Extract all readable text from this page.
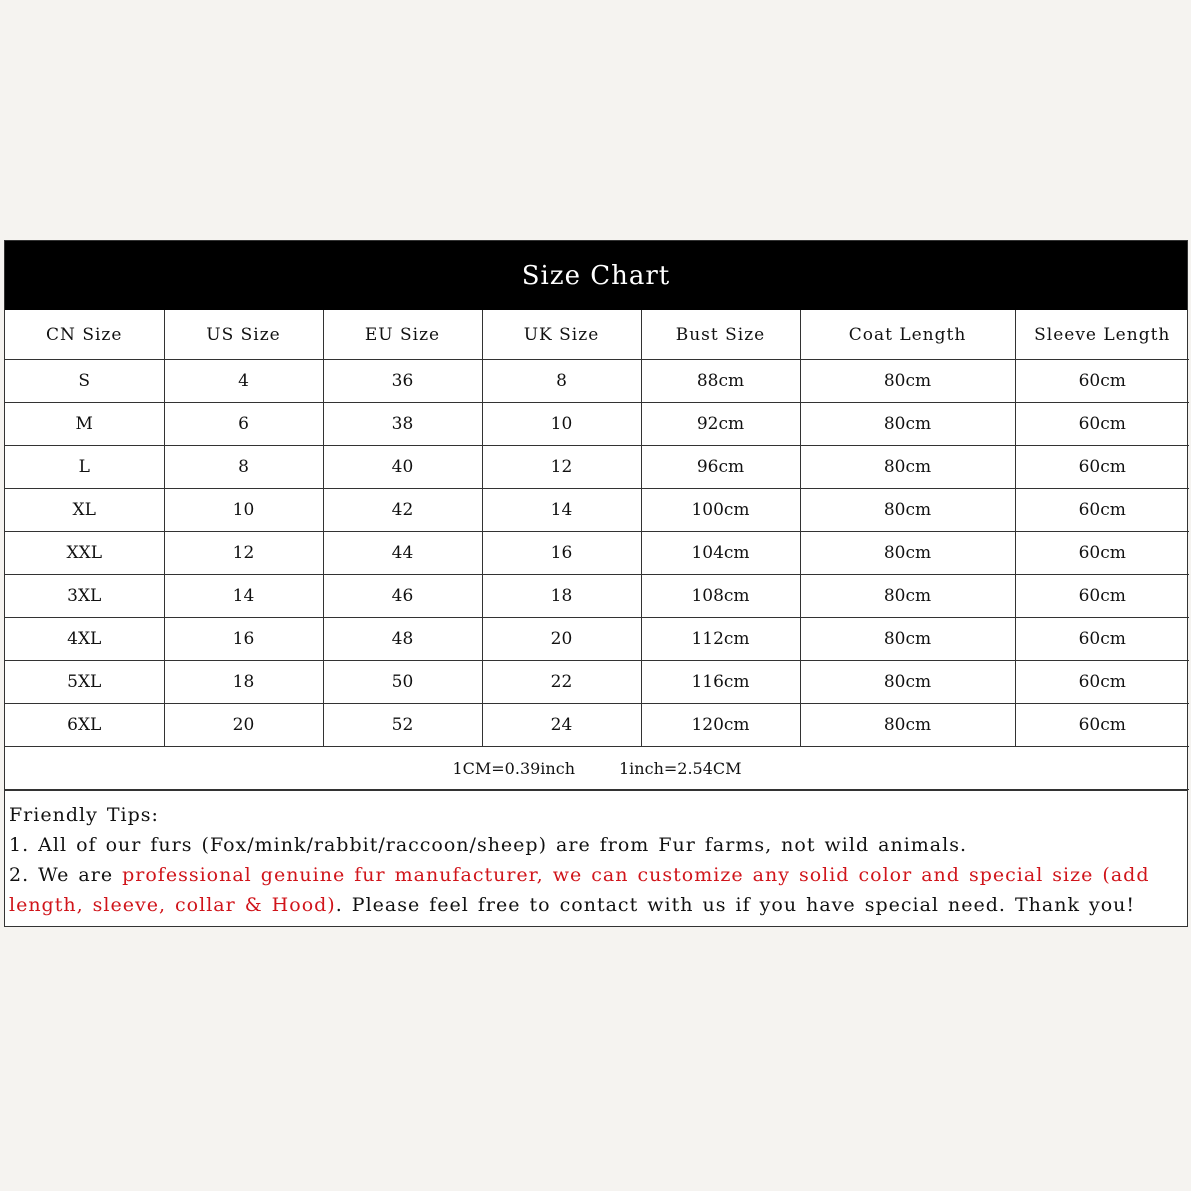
Size Chart
CN Size	US Size	EU Size	UK Size	Bust Size	Coat Length	Sleeve Length
S	4	36	8	88cm	80cm	60cm
M	6	38	10	92cm	80cm	60cm
L	8	40	12	96cm	80cm	60cm
XL	10	42	14	100cm	80cm	60cm
XXL	12	44	16	104cm	80cm	60cm
3XL	14	46	18	108cm	80cm	60cm
4XL	16	48	20	112cm	80cm	60cm
5XL	18	50	22	116cm	80cm	60cm
6XL	20	52	24	120cm	80cm	60cm
1CM=0.39inch 1inch=2.54CM						
Friendly Tips:
1. All of our furs (Fox/mink/rabbit/raccoon/sheep) are from Fur farms, not wild animals.
2. We are professional genuine fur manufacturer, we can customize any solid color and special size (add length, sleeve, collar & Hood). Please feel free to contact with us if you have special need. Thank you!
